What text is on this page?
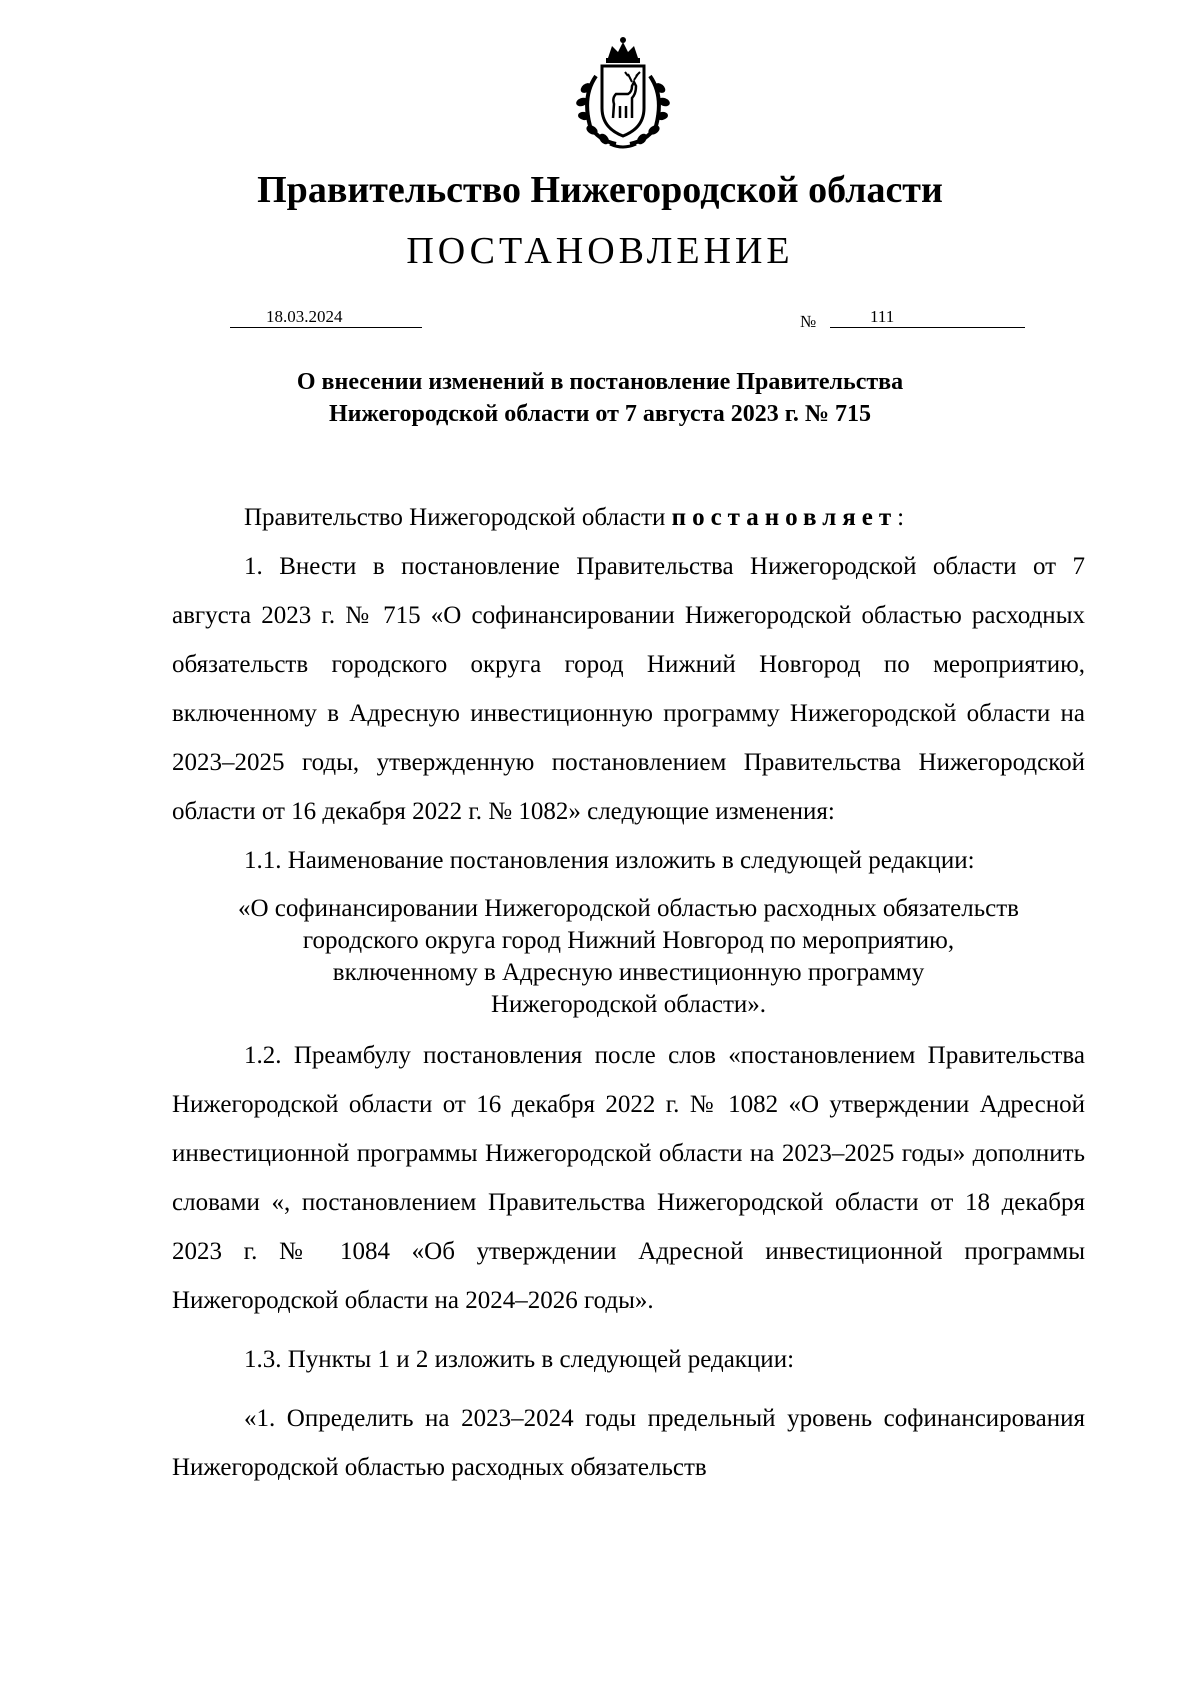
Правительство Нижегородской области
ПОСТАНОВЛЕНИЕ
18.03.2024	№	111
О внесении изменений в постановление Правительства
Нижегородской области от 7 августа 2023 г. № 715

Правительство Нижегородской области постановляет:

1. Внести в постановление Правительства Нижегородской области от 7 августа 2023 г. № 715 «О софинансировании Нижегородской областью расходных обязательств городского округа город Нижний Новгород по мероприятию, включенному в Адресную инвестиционную программу Нижегородской области на 2023–2025 годы, утвержденную постановлением Правительства Нижегородской области от 16 декабря 2022 г. № 1082» следующие изменения:

1.1. Наименование постановления изложить в следующей редакции:

«О софинансировании Нижегородской областью расходных обязательств
городского округа город Нижний Новгород по мероприятию,
включенному в Адресную инвестиционную программу
Нижегородской области».

1.2. Преамбулу постановления после слов «постановлением Правительства Нижегородской области от 16 декабря 2022 г. № 1082 «О утверждении Адресной инвестиционной программы Нижегородской области на 2023–2025 годы» дополнить словами «, постановлением Правительства Нижегородской области от 18 декабря 2023 г. № 1084 «Об утверждении Адресной инвестиционной программы Нижегородской области на 2024–2026 годы».

1.3. Пункты 1 и 2 изложить в следующей редакции:

«1. Определить на 2023–2024 годы предельный уровень софинансирования Нижегородской областью расходных обязательств
